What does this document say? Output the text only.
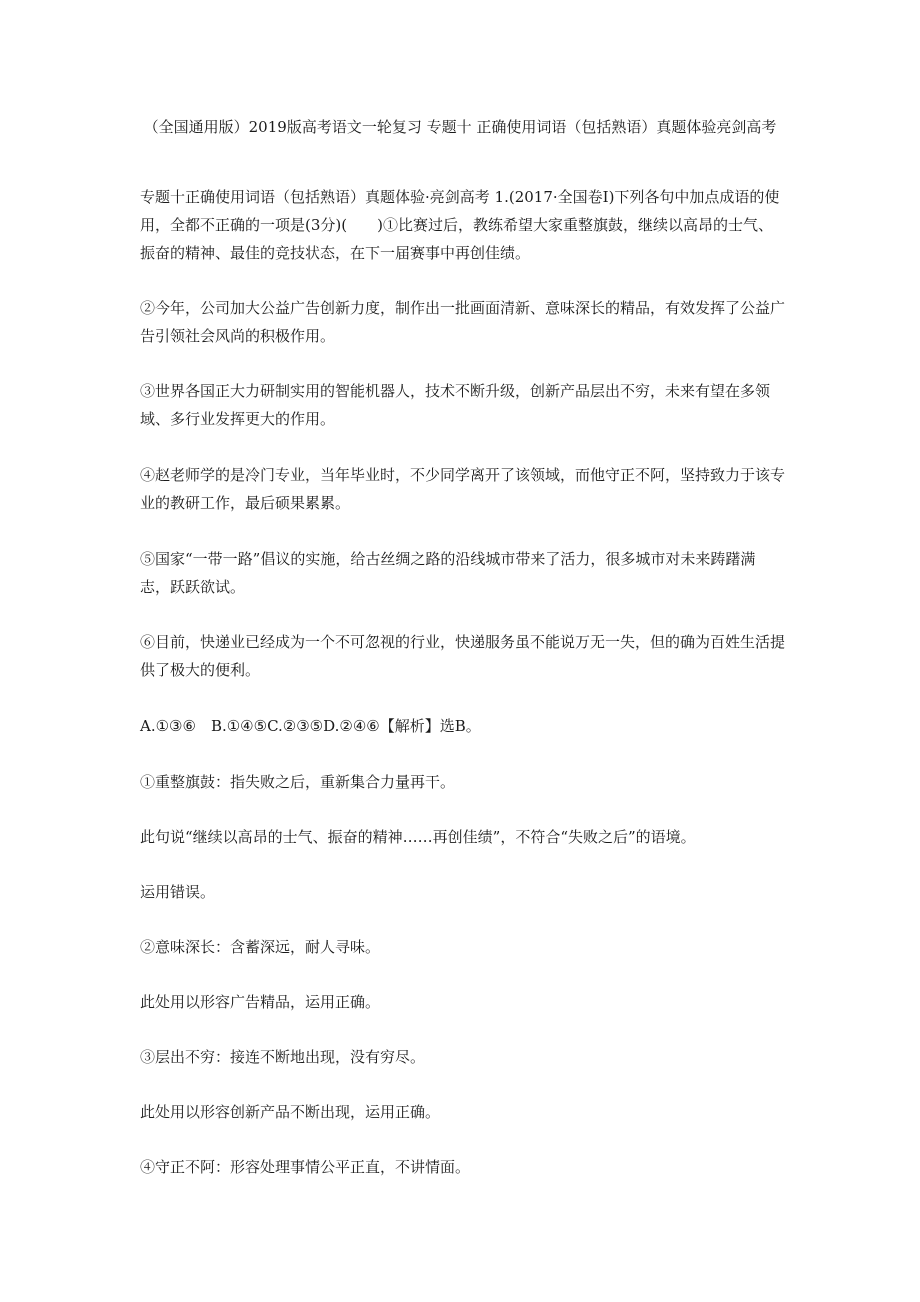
（全国通用版）2019版高考语文一轮复习 专题十 正确使用词语（包括熟语）真题体验亮剑高考

专题十正确使用词语（包括熟语）真题体验·亮剑高考 1.(2017·全国卷Ⅰ)下列各句中加点成语的使用，全都不正确的一项是(3分)(　　)①比赛过后，教练希望大家重整旗鼓，继续以高昂的士气、振奋的精神、最佳的竞技状态，在下一届赛事中再创佳绩。

②今年，公司加大公益广告创新力度，制作出一批画面清新、意味深长的精品，有效发挥了公益广告引领社会风尚的积极作用。

③世界各国正大力研制实用的智能机器人，技术不断升级，创新产品层出不穷，未来有望在多领域、多行业发挥更大的作用。

④赵老师学的是冷门专业，当年毕业时，不少同学离开了该领域，而他守正不阿，坚持致力于该专业的教研工作，最后硕果累累。

⑤国家“一带一路”倡议的实施，给古丝绸之路的沿线城市带来了活力，很多城市对未来踌躇满志，跃跃欲试。

⑥目前，快递业已经成为一个不可忽视的行业，快递服务虽不能说万无一失，但的确为百姓生活提供了极大的便利。

A.①③⑥　B.①④⑤C.②③⑤D.②④⑥【解析】选B。

①重整旗鼓：指失败之后，重新集合力量再干。

此句说“继续以高昂的士气、振奋的精神……再创佳绩”，不符合“失败之后”的语境。

运用错误。

②意味深长：含蓄深远，耐人寻味。

此处用以形容广告精品，运用正确。

③层出不穷：接连不断地出现，没有穷尽。

此处用以形容创新产品不断出现，运用正确。

④守正不阿：形容处理事情公平正直，不讲情面。
